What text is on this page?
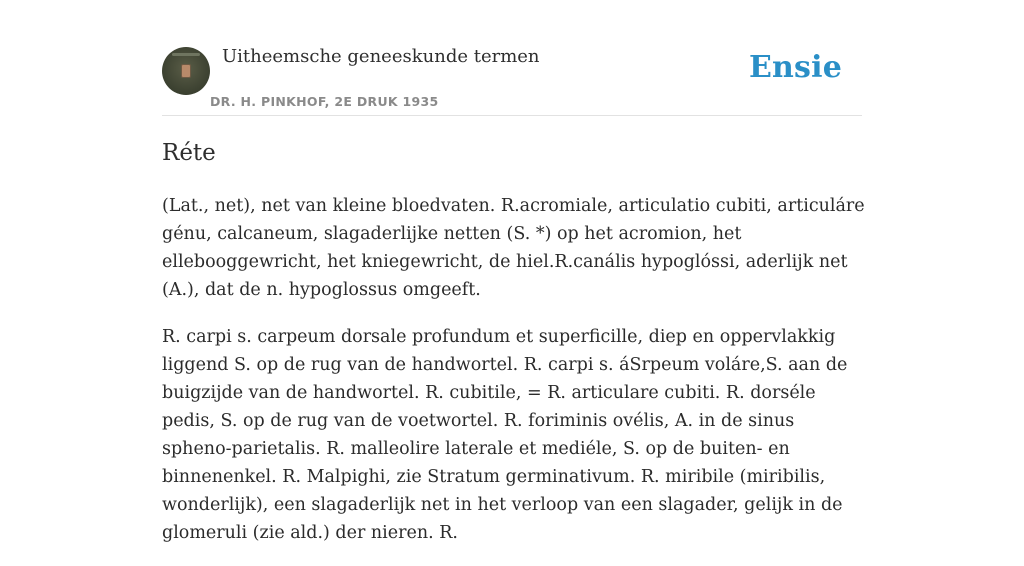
Uitheemsche geneeskunde termen
DR. H. PINKHOF, 2E DRUK 1935
Ensie
Réte

(Lat., net), net van kleine bloedvaten. R.acromiale, articulatio cubiti, articuláre génu, calcaneum, slagaderlijke netten (S. *) op het acromion, het ellebooggewricht, het kniegewricht, de hiel.R.canális hypoglóssi, aderlijk net (A.), dat de n. hypoglossus omgeeft.

R. carpi s. carpeum dorsale profundum et superficille, diep en oppervlakkig liggend S. op de rug van de handwortel. R. carpi s. áSrpeum voláre,S. aan de buigzijde van de handwortel. R. cubitile, = R. articulare cubiti. R. dorséle pedis, S. op de rug van de voetwortel. R. foriminis ovélis, A. in de sinus spheno-parietalis. R. malleolire laterale et mediéle, S. op de buiten- en binnenenkel. R. Malpighi, zie Stratum germinativum. R. miribile (miribilis, wonderlijk), een slagaderlijk net in het verloop van een slagader, gelijk in de glomeruli (zie ald.) der nieren. R.
